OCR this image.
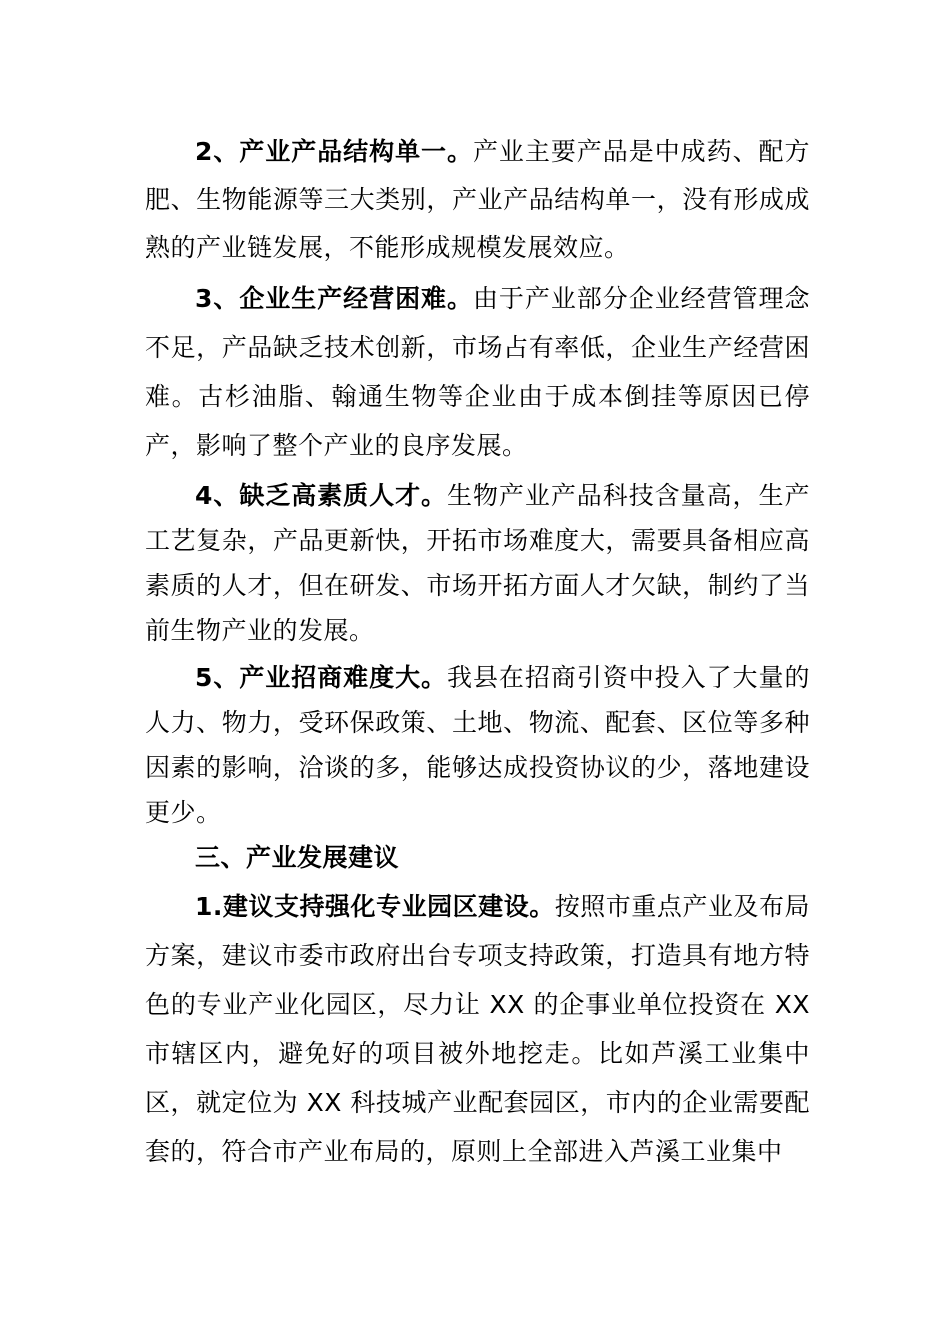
2、产业产品结构单一。产业主要产品是中成药、配方肥、生物能源等三大类别，产业产品结构单一，没有形成成熟的产业链发展，不能形成规模发展效应。

3、企业生产经营困难。由于产业部分企业经营管理念不足，产品缺乏技术创新，市场占有率低，企业生产经营困难。古杉油脂、翰通生物等企业由于成本倒挂等原因已停产，影响了整个产业的良序发展。

4、缺乏高素质人才。生物产业产品科技含量高，生产工艺复杂，产品更新快，开拓市场难度大，需要具备相应高素质的人才，但在研发、市场开拓方面人才欠缺，制约了当前生物产业的发展。

5、产业招商难度大。我县在招商引资中投入了大量的人力、物力，受环保政策、土地、物流、配套、区位等多种因素的影响，洽谈的多，能够达成投资协议的少，落地建设更少。

三、产业发展建议

1.建议支持强化专业园区建设。按照市重点产业及布局方案，建议市委市政府出台专项支持政策，打造具有地方特色的专业产业化园区，尽力让 XX 的企事业单位投资在 XX 市辖区内，避免好的项目被外地挖走。比如芦溪工业集中区，就定位为 XX 科技城产业配套园区，市内的企业需要配套的，符合市产业布局的，原则上全部进入芦溪工业集中
